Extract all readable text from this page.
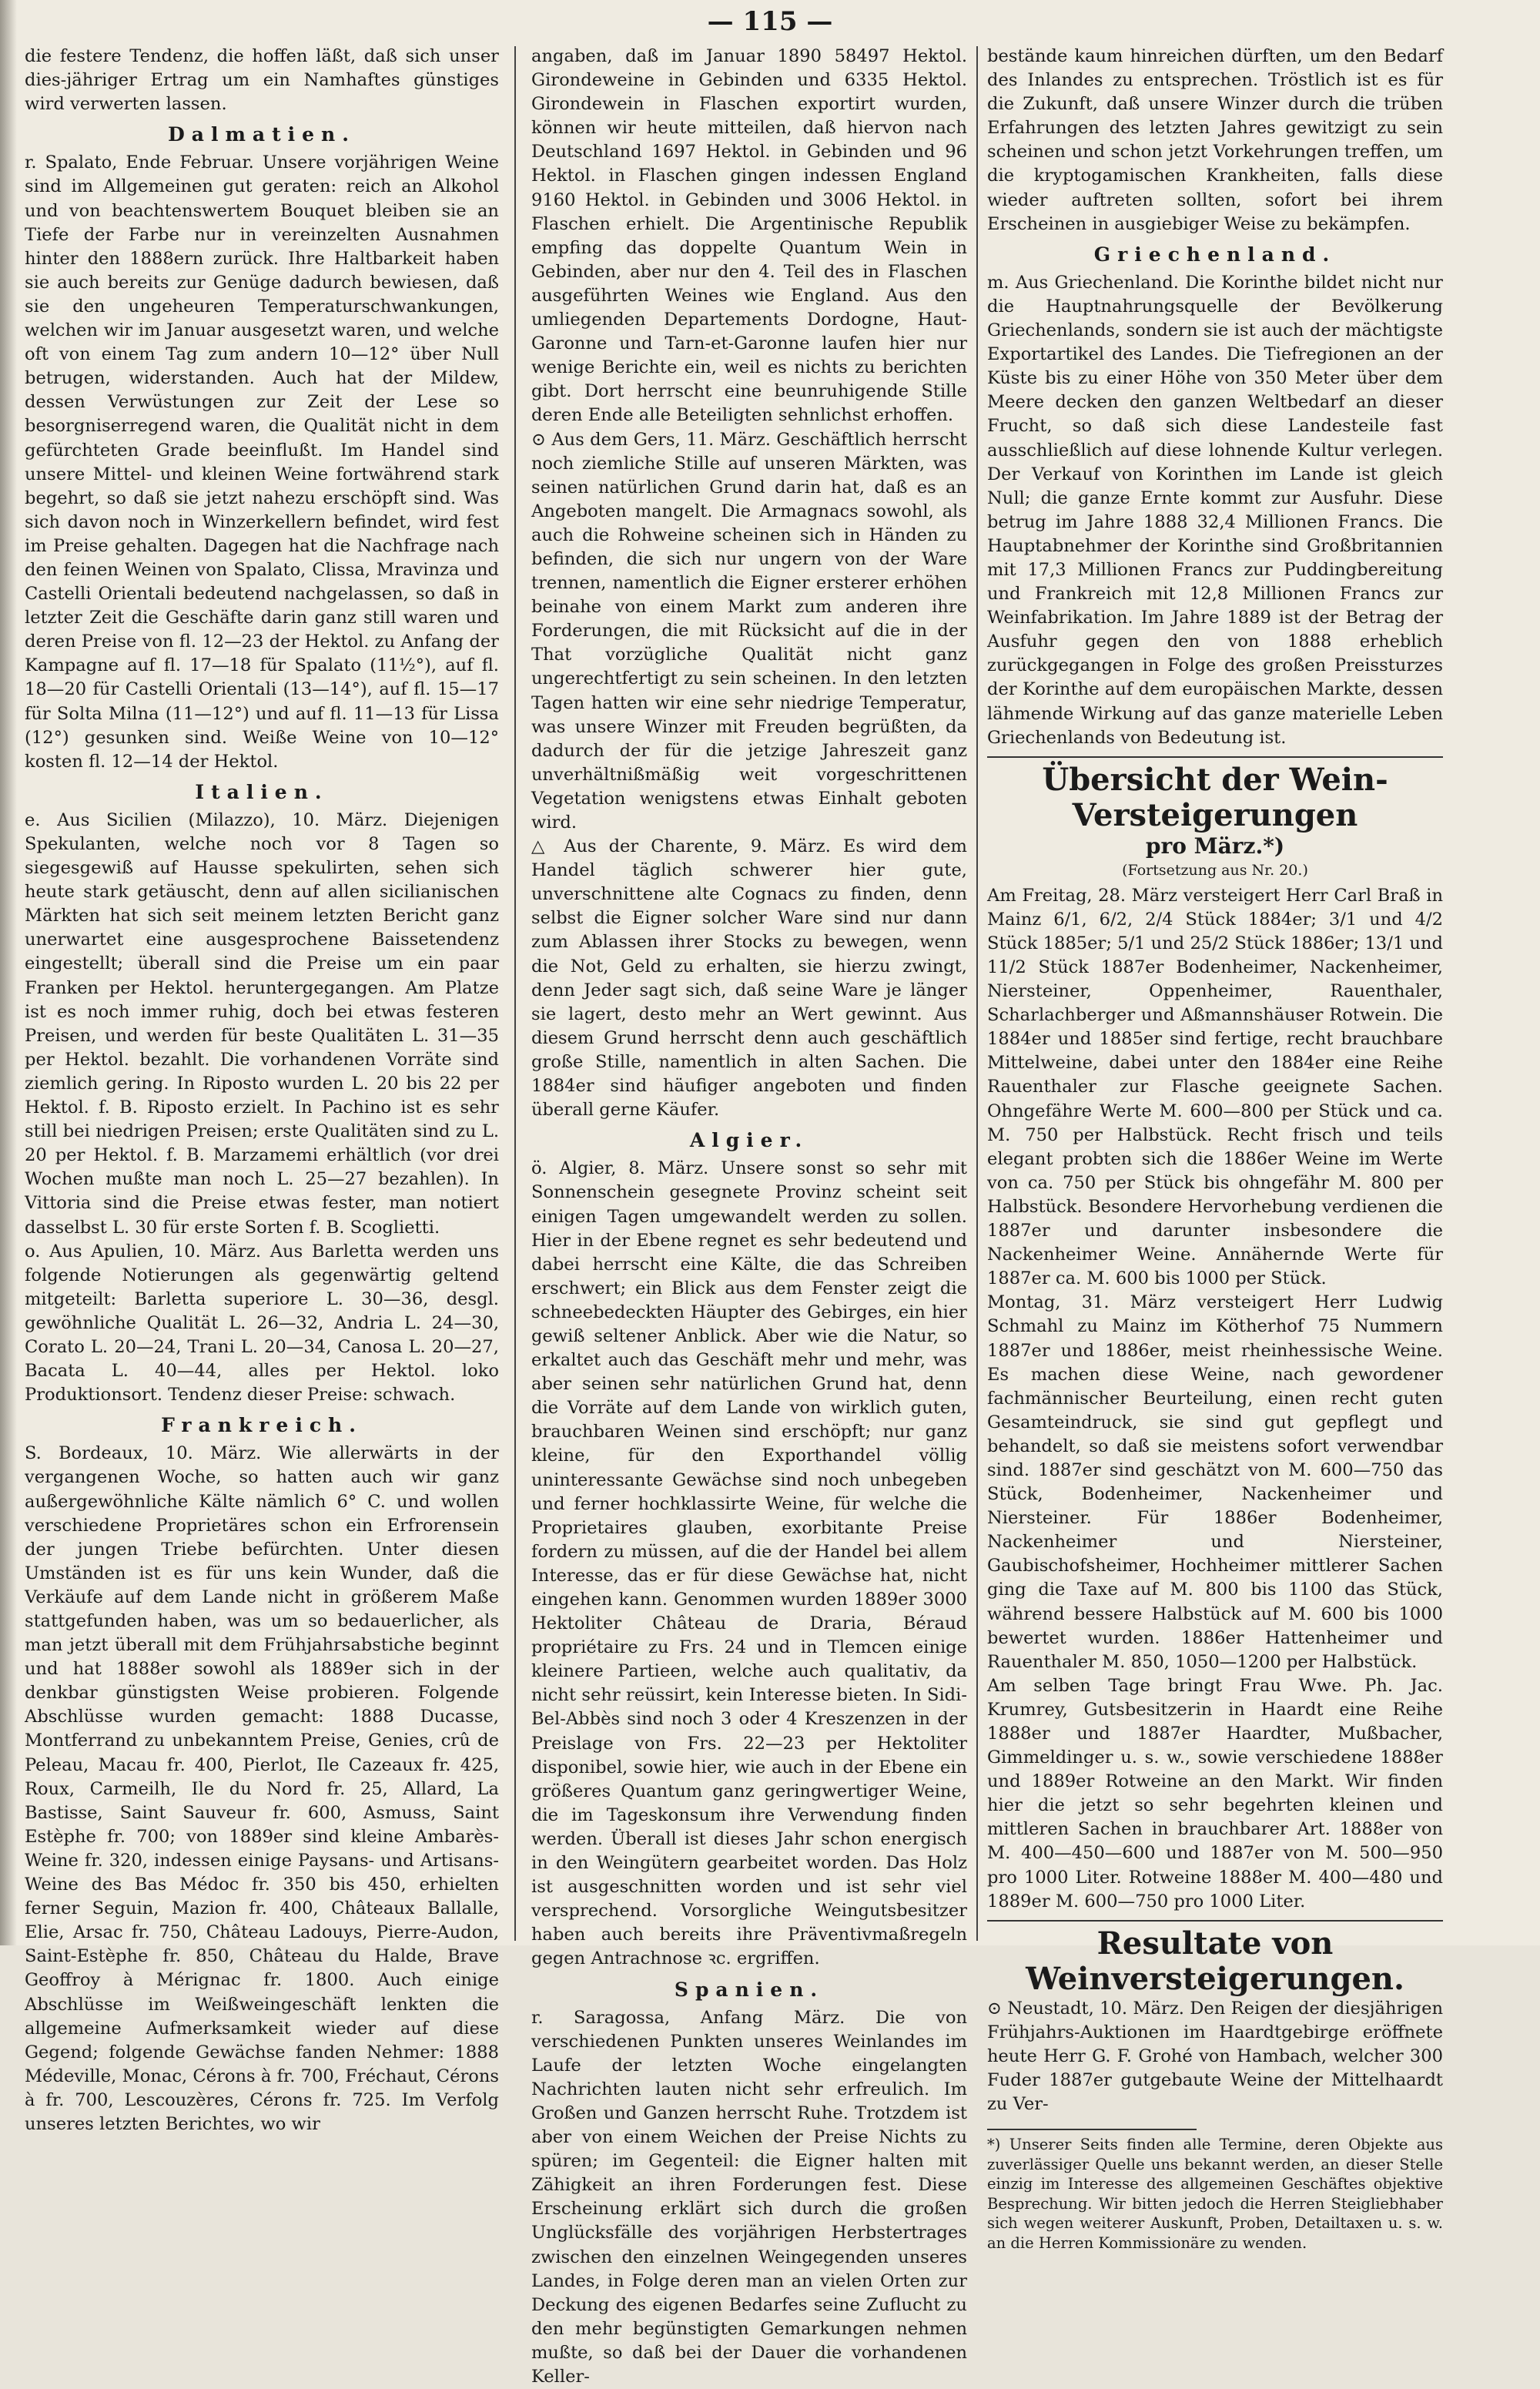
— 115 —

die festere Tendenz, die hoffen läßt, daß sich unser dies-jähriger Ertrag um ein Namhaftes günstiges wird verwerten lassen.

Dalmatien.

r. Spalato, Ende Februar. Unsere vorjährigen Weine sind im Allgemeinen gut geraten: reich an Alkohol und von beachtenswertem Bouquet bleiben sie an Tiefe der Farbe nur in vereinzelten Ausnahmen hinter den 1888ern zurück. Ihre Haltbarkeit haben sie auch bereits zur Genüge dadurch bewiesen, daß sie den ungeheuren Temperaturschwankungen, welchen wir im Januar ausgesetzt waren, und welche oft von einem Tag zum andern 10—12° über Null betrugen, widerstanden. Auch hat der Mildew, dessen Verwüstungen zur Zeit der Lese so besorgniserregend waren, die Qualität nicht in dem gefürchteten Grade beeinflußt. Im Handel sind unsere Mittel- und kleinen Weine fortwährend stark begehrt, so daß sie jetzt nahezu erschöpft sind. Was sich davon noch in Winzerkellern befindet, wird fest im Preise gehalten. Dagegen hat die Nachfrage nach den feinen Weinen von Spalato, Clissa, Mravinza und Castelli Orientali bedeutend nachgelassen, so daß in letzter Zeit die Geschäfte darin ganz still waren und deren Preise von fl. 12—23 der Hektol. zu Anfang der Kampagne auf fl. 17—18 für Spalato (11½°), auf fl. 18—20 für Castelli Orientali (13—14°), auf fl. 15—17 für Solta Milna (11—12°) und auf fl. 11—13 für Lissa (12°) gesunken sind. Weiße Weine von 10—12° kosten fl. 12—14 der Hektol.

Italien.

e. Aus Sicilien (Milazzo), 10. März. Diejenigen Spekulanten, welche noch vor 8 Tagen so siegesgewiß auf Hausse spekulirten, sehen sich heute stark getäuscht, denn auf allen sicilianischen Märkten hat sich seit meinem letzten Bericht ganz unerwartet eine ausgesprochene Baissetendenz eingestellt; überall sind die Preise um ein paar Franken per Hektol. heruntergegangen. Am Platze ist es noch immer ruhig, doch bei etwas festeren Preisen, und werden für beste Qualitäten L. 31—35 per Hektol. bezahlt. Die vorhandenen Vorräte sind ziemlich gering. In Riposto wurden L. 20 bis 22 per Hektol. f. B. Riposto erzielt. In Pachino ist es sehr still bei niedrigen Preisen; erste Qualitäten sind zu L. 20 per Hektol. f. B. Marzamemi erhältlich (vor drei Wochen mußte man noch L. 25—27 bezahlen). In Vittoria sind die Preise etwas fester, man notiert dasselbst L. 30 für erste Sorten f. B. Scoglietti.

o. Aus Apulien, 10. März. Aus Barletta werden uns folgende Notierungen als gegenwärtig geltend mitgeteilt: Barletta superiore L. 30—36, desgl. gewöhnliche Qualität L. 26—32, Andria L. 24—30, Corato L. 20—24, Trani L. 20—34, Canosa L. 20—27, Bacata L. 40—44, alles per Hektol. loko Produktionsort. Tendenz dieser Preise: schwach.

Frankreich.

S. Bordeaux, 10. März. Wie allerwärts in der vergangenen Woche, so hatten auch wir ganz außergewöhnliche Kälte nämlich 6° C. und wollen verschiedene Proprietäres schon ein Erfrorensein der jungen Triebe befürchten. Unter diesen Umständen ist es für uns kein Wunder, daß die Verkäufe auf dem Lande nicht in größerem Maße stattgefunden haben, was um so bedauerlicher, als man jetzt überall mit dem Frühjahrsabstiche beginnt und hat 1888er sowohl als 1889er sich in der denkbar günstigsten Weise probieren. Folgende Abschlüsse wurden gemacht: 1888 Ducasse, Montferrand zu unbekanntem Preise, Genies, crû de Peleau, Macau fr. 400, Pierlot, Ile Cazeaux fr. 425, Roux, Carmeilh, Ile du Nord fr. 25, Allard, La Bastisse, Saint Sauveur fr. 600, Asmuss, Saint Estèphe fr. 700; von 1889er sind kleine Ambarès-Weine fr. 320, indessen einige Paysans- und Artisans-Weine des Bas Médoc fr. 350 bis 450, erhielten ferner Seguin, Mazion fr. 400, Châteaux Ballalle, Elie, Arsac fr. 750, Château Ladouys, Pierre-Audon, Saint-Estèphe fr. 850, Château du Halde, Brave Geoffroy à Mérignac fr. 1800. Auch einige Abschlüsse im Weißweingeschäft lenkten die allgemeine Aufmerksamkeit wieder auf diese Gegend; folgende Gewächse fanden Nehmer: 1888 Médeville, Monac, Cérons à fr. 700, Fréchaut, Cérons à fr. 700, Lescouzères, Cérons fr. 725. Im Verfolg unseres letzten Berichtes, wo wir

angaben, daß im Januar 1890 58497 Hektol. Girondeweine in Gebinden und 6335 Hektol. Girondewein in Flaschen exportirt wurden, können wir heute mitteilen, daß hiervon nach Deutschland 1697 Hektol. in Gebinden und 96 Hektol. in Flaschen gingen indessen England 9160 Hektol. in Gebinden und 3006 Hektol. in Flaschen erhielt. Die Argentinische Republik empfing das doppelte Quantum Wein in Gebinden, aber nur den 4. Teil des in Flaschen ausgeführten Weines wie England. Aus den umliegenden Departements Dordogne, Haut-Garonne und Tarn-et-Garonne laufen hier nur wenige Berichte ein, weil es nichts zu berichten gibt. Dort herrscht eine beunruhigende Stille deren Ende alle Beteiligten sehnlichst erhoffen.

⊙ Aus dem Gers, 11. März. Geschäftlich herrscht noch ziemliche Stille auf unseren Märkten, was seinen natürlichen Grund darin hat, daß es an Angeboten mangelt. Die Armagnacs sowohl, als auch die Rohweine scheinen sich in Händen zu befinden, die sich nur ungern von der Ware trennen, namentlich die Eigner ersterer erhöhen beinahe von einem Markt zum anderen ihre Forderungen, die mit Rücksicht auf die in der That vorzügliche Qualität nicht ganz ungerechtfertigt zu sein scheinen. In den letzten Tagen hatten wir eine sehr niedrige Temperatur, was unsere Winzer mit Freuden begrüßten, da dadurch der für die jetzige Jahreszeit ganz unverhältnißmäßig weit vorgeschrittenen Vegetation wenigstens etwas Einhalt geboten wird.

△ Aus der Charente, 9. März. Es wird dem Handel täglich schwerer hier gute, unverschnittene alte Cognacs zu finden, denn selbst die Eigner solcher Ware sind nur dann zum Ablassen ihrer Stocks zu bewegen, wenn die Not, Geld zu erhalten, sie hierzu zwingt, denn Jeder sagt sich, daß seine Ware je länger sie lagert, desto mehr an Wert gewinnt. Aus diesem Grund herrscht denn auch geschäftlich große Stille, namentlich in alten Sachen. Die 1884er sind häufiger angeboten und finden überall gerne Käufer.

Algier.

ö. Algier, 8. März. Unsere sonst so sehr mit Sonnenschein gesegnete Provinz scheint seit einigen Tagen umgewandelt werden zu sollen. Hier in der Ebene regnet es sehr bedeutend und dabei herrscht eine Kälte, die das Schreiben erschwert; ein Blick aus dem Fenster zeigt die schneebedeckten Häupter des Gebirges, ein hier gewiß seltener Anblick. Aber wie die Natur, so erkaltet auch das Geschäft mehr und mehr, was aber seinen sehr natürlichen Grund hat, denn die Vorräte auf dem Lande von wirklich guten, brauchbaren Weinen sind erschöpft; nur ganz kleine, für den Exporthandel völlig uninteressante Gewächse sind noch unbegeben und ferner hochklassirte Weine, für welche die Proprietaires glauben, exorbitante Preise fordern zu müssen, auf die der Handel bei allem Interesse, das er für diese Gewächse hat, nicht eingehen kann. Genommen wurden 1889er 3000 Hektoliter Château de Draria, Béraud propriétaire zu Frs. 24 und in Tlemcen einige kleinere Partieen, welche auch qualitativ, da nicht sehr reüssirt, kein Interesse bieten. In Sidi-Bel-Abbès sind noch 3 oder 4 Kreszenzen in der Preislage von Frs. 22—23 per Hektoliter disponibel, sowie hier, wie auch in der Ebene ein größeres Quantum ganz geringwertiger Weine, die im Tageskonsum ihre Verwendung finden werden. Überall ist dieses Jahr schon energisch in den Weingütern gearbeitet worden. Das Holz ist ausgeschnitten worden und ist sehr viel versprechend. Vorsorgliche Weingutsbesitzer haben auch bereits ihre Präventivmaßregeln gegen Antrachnose ꝛc. ergriffen.

Spanien.

r. Saragossa, Anfang März. Die von verschiedenen Punkten unseres Weinlandes im Laufe der letzten Woche eingelangten Nachrichten lauten nicht sehr erfreulich. Im Großen und Ganzen herrscht Ruhe. Trotzdem ist aber von einem Weichen der Preise Nichts zu spüren; im Gegenteil: die Eigner halten mit Zähigkeit an ihren Forderungen fest. Diese Erscheinung erklärt sich durch die großen Unglücksfälle des vorjährigen Herbstertrages zwischen den einzelnen Weingegenden unseres Landes, in Folge deren man an vielen Orten zur Deckung des eigenen Bedarfes seine Zuflucht zu den mehr begünstigten Gemarkungen nehmen mußte, so daß bei der Dauer die vorhandenen Keller-

bestände kaum hinreichen dürften, um den Bedarf des Inlandes zu entsprechen. Tröstlich ist es für die Zukunft, daß unsere Winzer durch die trüben Erfahrungen des letzten Jahres gewitzigt zu sein scheinen und schon jetzt Vorkehrungen treffen, um die kryptogamischen Krankheiten, falls diese wieder auftreten sollten, sofort bei ihrem Erscheinen in ausgiebiger Weise zu bekämpfen.

Griechenland.

m. Aus Griechenland. Die Korinthe bildet nicht nur die Hauptnahrungsquelle der Bevölkerung Griechenlands, sondern sie ist auch der mächtigste Exportartikel des Landes. Die Tiefregionen an der Küste bis zu einer Höhe von 350 Meter über dem Meere decken den ganzen Weltbedarf an dieser Frucht, so daß sich diese Landesteile fast ausschließlich auf diese lohnende Kultur verlegen. Der Verkauf von Korinthen im Lande ist gleich Null; die ganze Ernte kommt zur Ausfuhr. Diese betrug im Jahre 1888 32,4 Millionen Francs. Die Hauptabnehmer der Korinthe sind Großbritannien mit 17,3 Millionen Francs zur Puddingbereitung und Frankreich mit 12,8 Millionen Francs zur Weinfabrikation. Im Jahre 1889 ist der Betrag der Ausfuhr gegen den von 1888 erheblich zurückgegangen in Folge des großen Preissturzes der Korinthe auf dem europäischen Markte, dessen lähmende Wirkung auf das ganze materielle Leben Griechenlands von Bedeutung ist.

Übersicht der Wein-Versteigerungen
pro März.*)
(Fortsetzung aus Nr. 20.)

Am Freitag, 28. März versteigert Herr Carl Braß in Mainz 6/1, 6/2, 2/4 Stück 1884er; 3/1 und 4/2 Stück 1885er; 5/1 und 25/2 Stück 1886er; 13/1 und 11/2 Stück 1887er Bodenheimer, Nackenheimer, Niersteiner, Oppenheimer, Rauenthaler, Scharlachberger und Aßmannshäuser Rotwein. Die 1884er und 1885er sind fertige, recht brauchbare Mittelweine, dabei unter den 1884er eine Reihe Rauenthaler zur Flasche geeignete Sachen. Ohngefähre Werte M. 600—800 per Stück und ca. M. 750 per Halbstück. Recht frisch und teils elegant probten sich die 1886er Weine im Werte von ca. 750 per Stück bis ohngefähr M. 800 per Halbstück. Besondere Hervorhebung verdienen die 1887er und darunter insbesondere die Nackenheimer Weine. Annähernde Werte für 1887er ca. M. 600 bis 1000 per Stück.

Montag, 31. März versteigert Herr Ludwig Schmahl zu Mainz im Kötherhof 75 Nummern 1887er und 1886er, meist rheinhessische Weine. Es machen diese Weine, nach gewordener fachmännischer Beurteilung, einen recht guten Gesamteindruck, sie sind gut gepflegt und behandelt, so daß sie meistens sofort verwendbar sind. 1887er sind geschätzt von M. 600—750 das Stück, Bodenheimer, Nackenheimer und Niersteiner. Für 1886er Bodenheimer, Nackenheimer und Niersteiner, Gaubischofsheimer, Hochheimer mittlerer Sachen ging die Taxe auf M. 800 bis 1100 das Stück, während bessere Halbstück auf M. 600 bis 1000 bewertet wurden. 1886er Hattenheimer und Rauenthaler M. 850, 1050—1200 per Halbstück.

Am selben Tage bringt Frau Wwe. Ph. Jac. Krumrey, Gutsbesitzerin in Haardt eine Reihe 1888er und 1887er Haardter, Mußbacher, Gimmeldinger u. s. w., sowie verschiedene 1888er und 1889er Rotweine an den Markt. Wir finden hier die jetzt so sehr begehrten kleinen und mittleren Sachen in brauchbarer Art. 1888er von M. 400—450—600 und 1887er von M. 500—950 pro 1000 Liter. Rotweine 1888er M. 400—480 und 1889er M. 600—750 pro 1000 Liter.

Resultate von Weinversteigerungen.

⊙ Neustadt, 10. März. Den Reigen der diesjährigen Frühjahrs-Auktionen im Haardtgebirge eröffnete heute Herr G. F. Grohé von Hambach, welcher 300 Fuder 1887er gutgebaute Weine der Mittelhaardt zu Ver-

*) Unserer Seits finden alle Termine, deren Objekte aus zuverlässiger Quelle uns bekannt werden, an dieser Stelle einzig im Interesse des allgemeinen Geschäftes objektive Besprechung. Wir bitten jedoch die Herren Steigliebhaber sich wegen weiterer Auskunft, Proben, Detailtaxen u. s. w. an die Herren Kommissionäre zu wenden.
